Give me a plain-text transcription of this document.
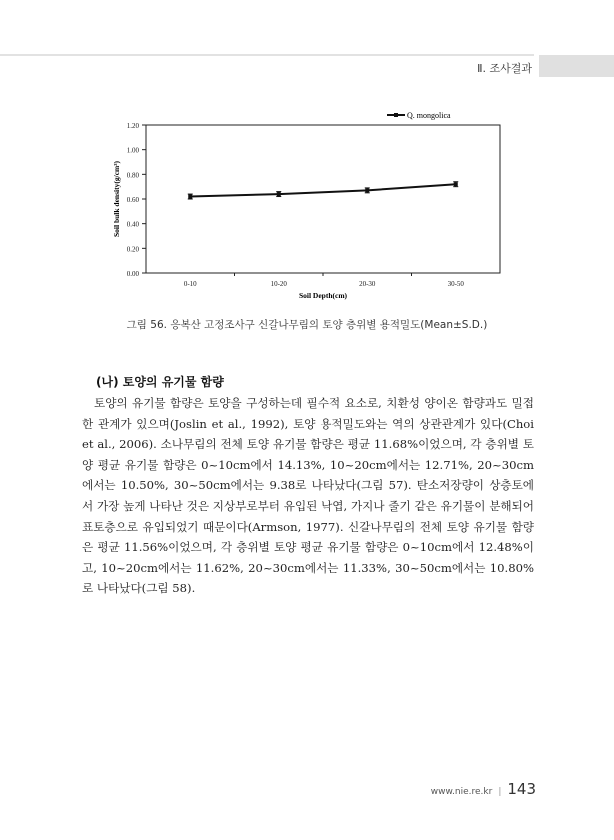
Ⅱ. 조사결과
0.00
0.20
0.40
0.60
0.80
1.00
1.20
0-10	10-20	20-30	30-50
Soil Depth(cm)
Soil bulk density(g/cm³)
Q. mongolica
그림 56. 응복산 고정조사구 신갈나무림의 토양 층위별 용적밀도(Mean±S.D.)
(나) 토양의 유기물 함량

토양의 유기물 함량은 토양을 구성하는데 필수적 요소로, 치환성 양이온 함량과도 밀접한 관계가 있으며(Joslin et al., 1992), 토양 용적밀도와는 역의 상관관계가 있다(Choi et al., 2006). 소나무림의 전체 토양 유기물 함량은 평균 11.68%이었으며, 각 층위별 토양 평균 유기물 함량은 0~10cm에서 14.13%, 10~20cm에서는 12.71%, 20~30cm에서는 10.50%, 30~50cm에서는 9.38로 나타났다(그림 57). 탄소저장량이 상층토에서 가장 높게 나타난 것은 지상부로부터 유입된 낙엽, 가지나 줄기 같은 유기물이 분해되어 표토층으로 유입되었기 때문이다(Armson, 1977). 신갈나무림의 전체 토양 유기물 함량은 평균 11.56%이었으며, 각 층위별 토양 평균 유기물 함량은 0~10cm에서 12.48%이고, 10~20cm에서는 11.62%, 20~30cm에서는 11.33%, 30~50cm에서는 10.80%로 나타났다(그림 58).

www.nie.re.kr | 143
